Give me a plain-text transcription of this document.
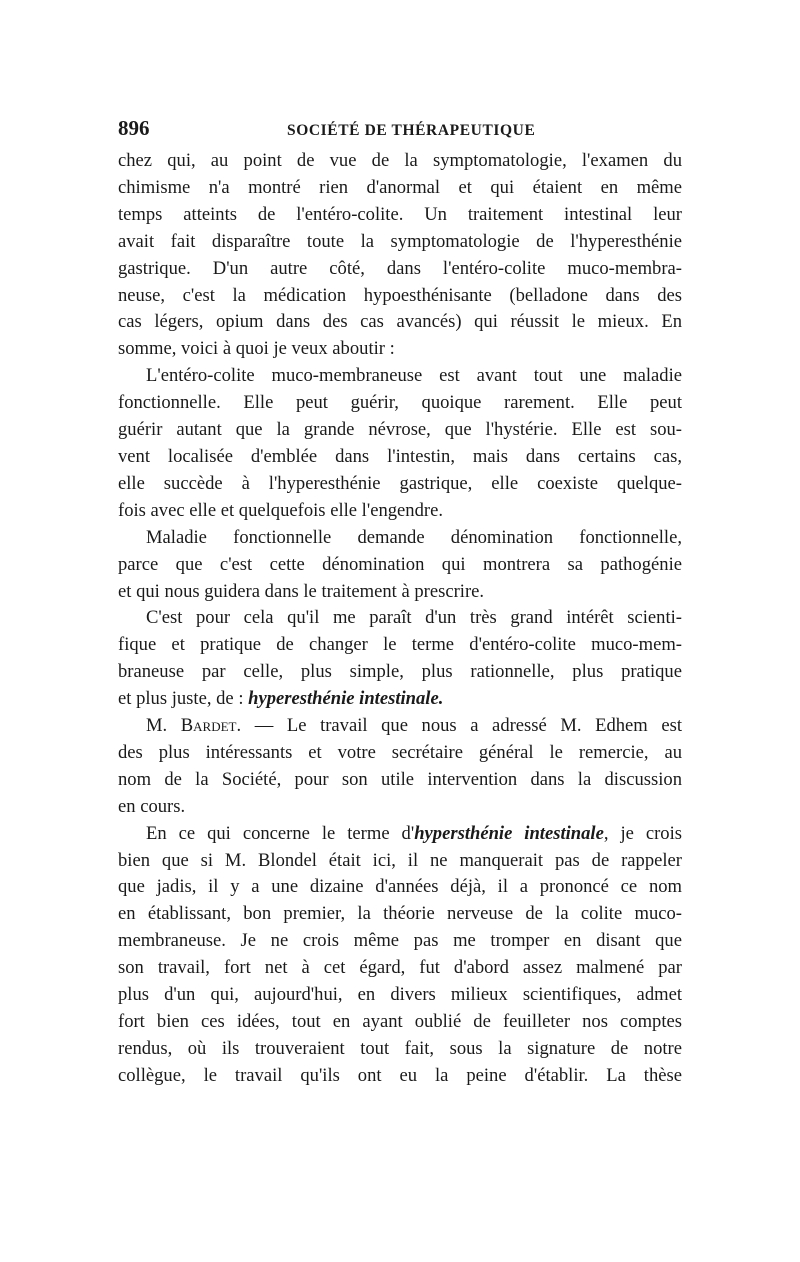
896	SOCIÉTÉ DE THÉRAPEUTIQUE

chez qui, au point de vue de la symptomatologie, l'examen du
chimisme n'a montré rien d'anormal et qui étaient en même
temps atteints de l'entéro-colite. Un traitement intestinal leur
avait fait disparaître toute la symptomatologie de l'hyperesthénie
gastrique. D'un autre côté, dans l'entéro-colite muco-membra-
neuse, c'est la médication hypoesthénisante (belladone dans des
cas légers, opium dans des cas avancés) qui réussit le mieux. En
somme, voici à quoi je veux aboutir :

L'entéro-colite muco-membraneuse est avant tout une maladie
fonctionnelle. Elle peut guérir, quoique rarement. Elle peut
guérir autant que la grande névrose, que l'hystérie. Elle est sou-
vent localisée d'emblée dans l'intestin, mais dans certains cas,
elle succède à l'hyperesthénie gastrique, elle coexiste quelque-
fois avec elle et quelquefois elle l'engendre.

Maladie fonctionnelle demande dénomination fonctionnelle,
parce que c'est cette dénomination qui montrera sa pathogénie
et qui nous guidera dans le traitement à prescrire.

C'est pour cela qu'il me paraît d'un très grand intérêt scienti-
fique et pratique de changer le terme d'entéro-colite muco-mem-
braneuse par celle, plus simple, plus rationnelle, plus pratique
et plus juste, de : hyperesthénie intestinale.

M. Bardet. — Le travail que nous a adressé M. Edhem est
des plus intéressants et votre secrétaire général le remercie, au
nom de la Société, pour son utile intervention dans la discussion
en cours.

En ce qui concerne le terme d'hypersthénie intestinale, je crois
bien que si M. Blondel était ici, il ne manquerait pas de rappeler
que jadis, il y a une dizaine d'années déjà, il a prononcé ce nom
en établissant, bon premier, la théorie nerveuse de la colite muco-
membraneuse. Je ne crois même pas me tromper en disant que
son travail, fort net à cet égard, fut d'abord assez malmené par
plus d'un qui, aujourd'hui, en divers milieux scientifiques, admet
fort bien ces idées, tout en ayant oublié de feuilleter nos comptes
rendus, où ils trouveraient tout fait, sous la signature de notre
collègue, le travail qu'ils ont eu la peine d'établir. La thèse
